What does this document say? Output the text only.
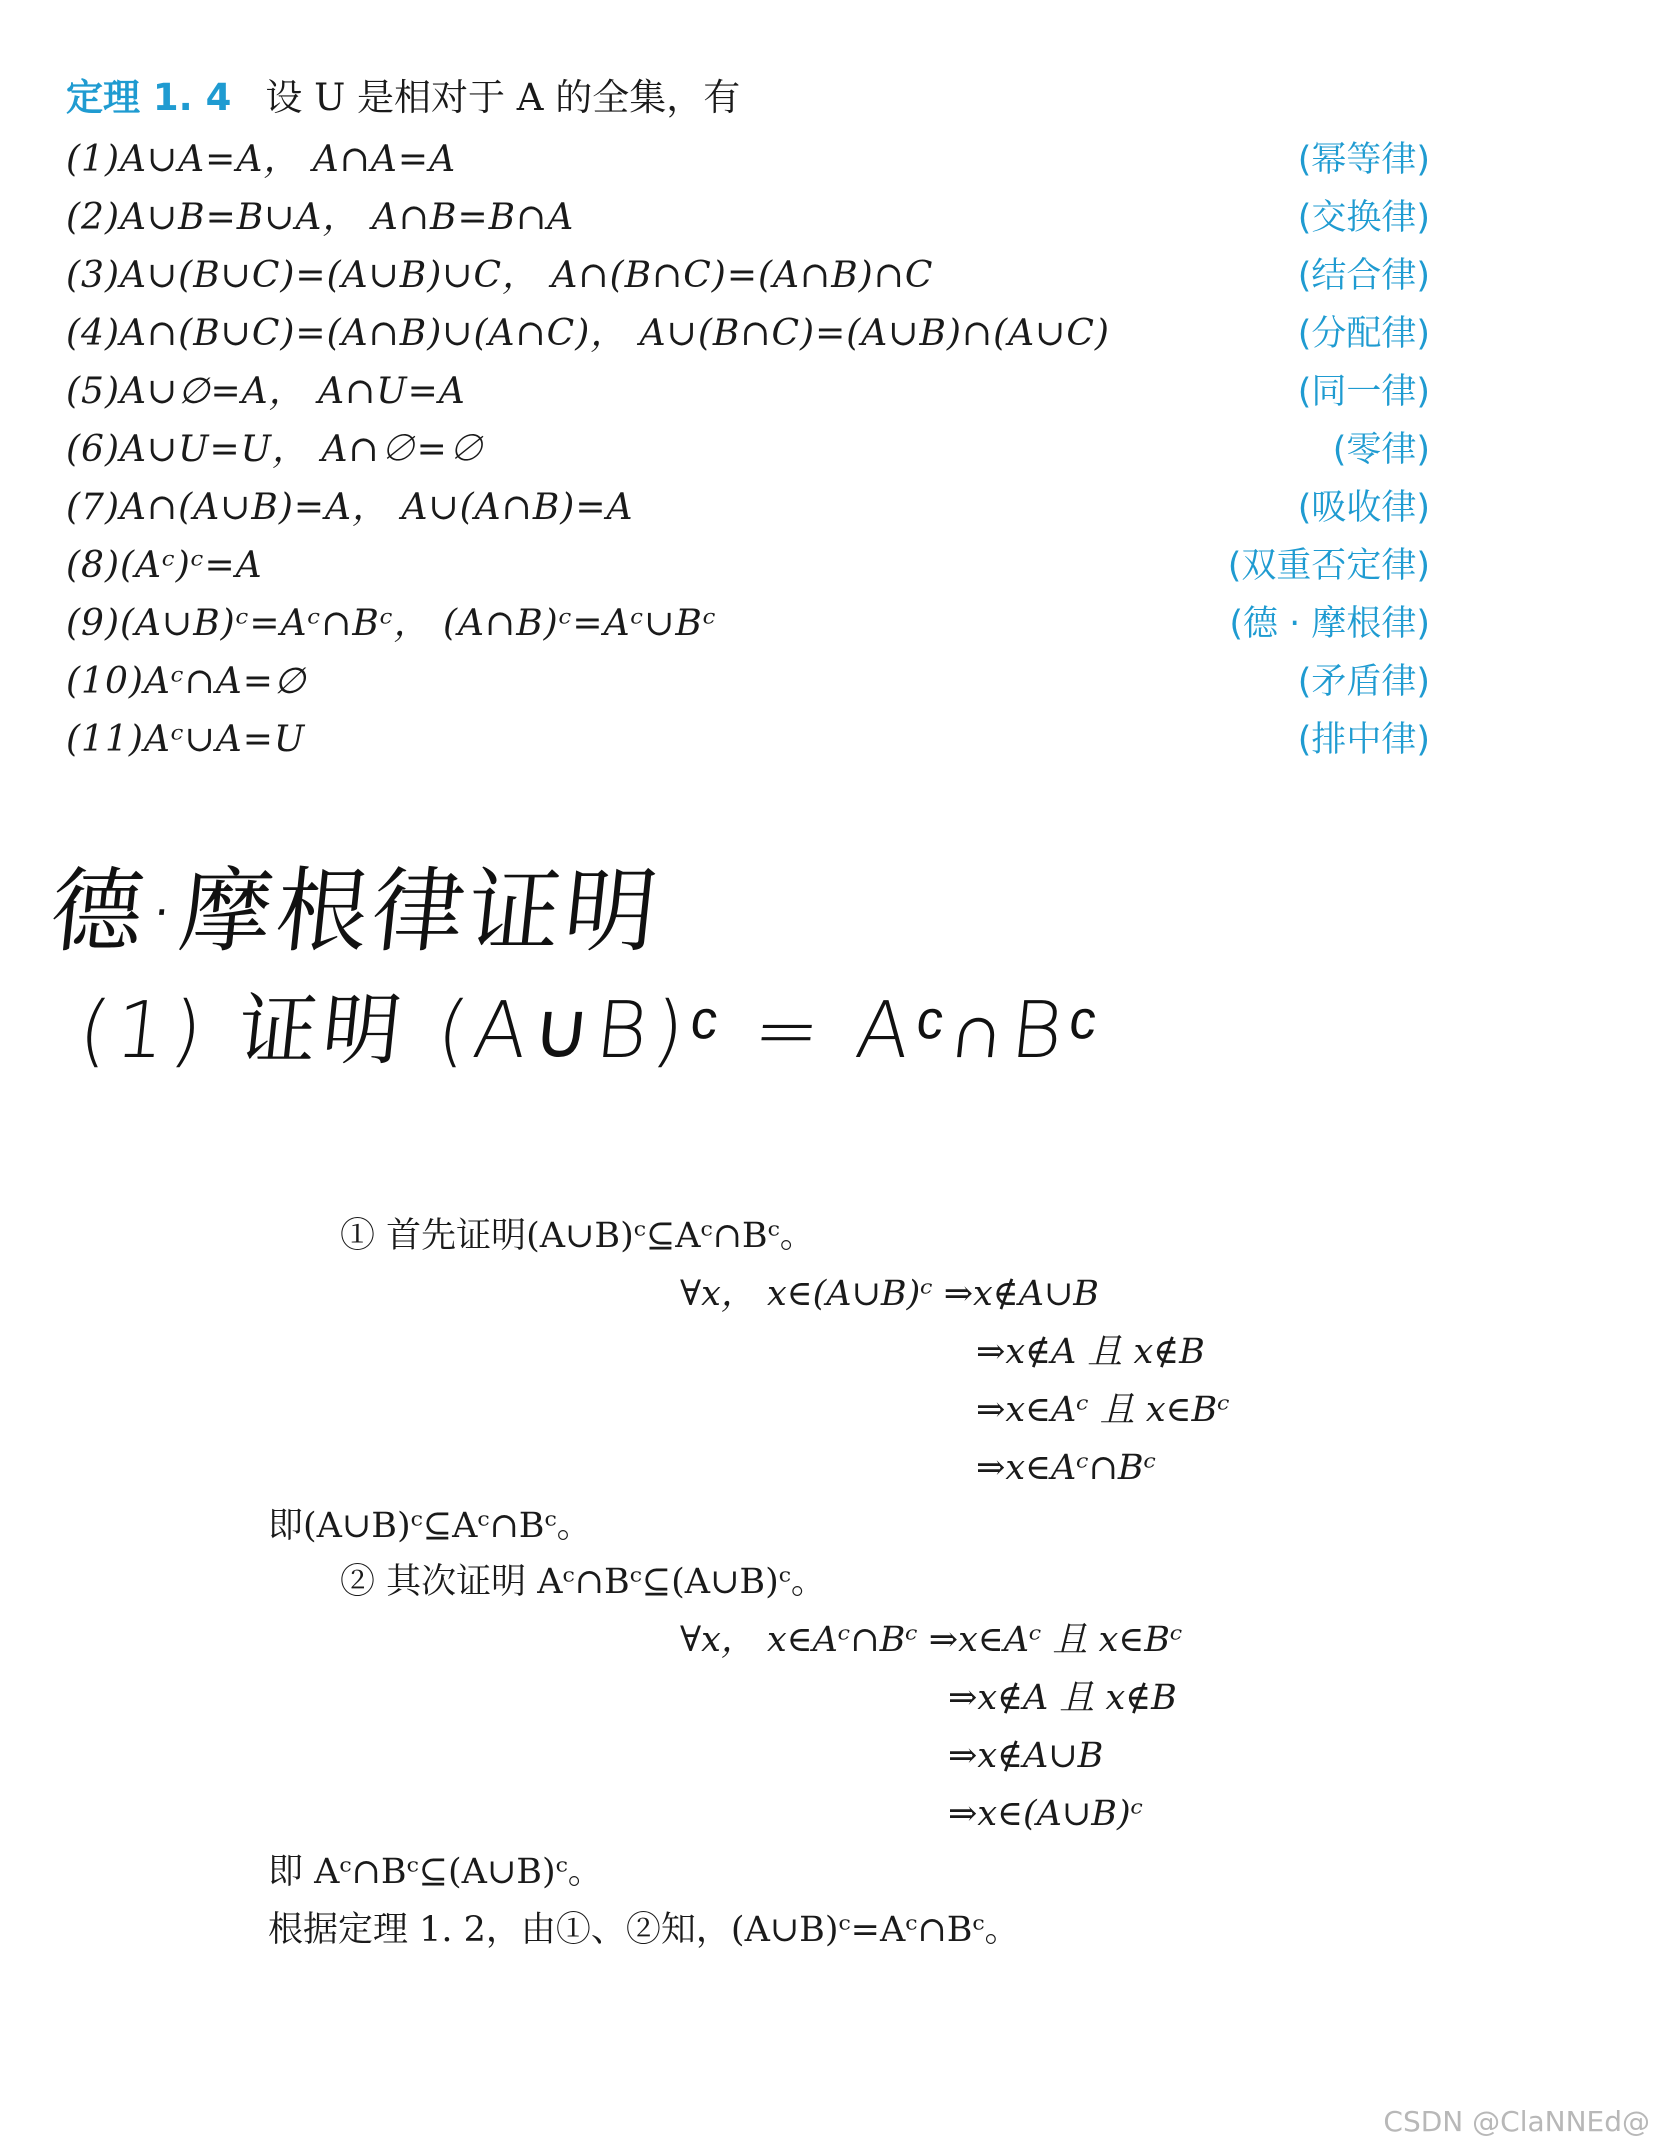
定理 1. 4 设 U 是相对于 A 的全集，有
(1)A∪A=A， A∩A=A	(幂等律)
(2)A∪B=B∪A， A∩B=B∩A	(交换律)
(3)A∪(B∪C)=(A∪B)∪C， A∩(B∩C)=(A∩B)∩C	(结合律)
(4)A∩(B∪C)=(A∩B)∪(A∩C)， A∪(B∩C)=(A∪B)∩(A∪C)	(分配律)
(5)A∪∅=A， A∩U=A	(同一律)
(6)A∪U=U， A∩∅=∅	(零律)
(7)A∩(A∪B)=A， A∪(A∩B)=A	(吸收律)
(8)(Aᶜ)ᶜ=A	(双重否定律)
(9)(A∪B)ᶜ=Aᶜ∩Bᶜ， (A∩B)ᶜ=Aᶜ∪Bᶜ	(德 · 摩根律)
(10)Aᶜ∩A=∅	(矛盾律)
(11)Aᶜ∪A=U	(排中律)
德·摩根律证明
(1) 证明 (A∪B)ᶜ = Aᶜ∩Bᶜ
① 首先证明(A∪B)ᶜ⊆Aᶜ∩Bᶜ。
∀x， x∈(A∪B)ᶜ ⇒x∉A∪B
⇒x∉A 且 x∉B
⇒x∈Aᶜ 且 x∈Bᶜ
⇒x∈Aᶜ∩Bᶜ
即(A∪B)ᶜ⊆Aᶜ∩Bᶜ。
② 其次证明 Aᶜ∩Bᶜ⊆(A∪B)ᶜ。
∀x， x∈Aᶜ∩Bᶜ ⇒x∈Aᶜ 且 x∈Bᶜ
⇒x∉A 且 x∉B
⇒x∉A∪B
⇒x∈(A∪B)ᶜ
即 Aᶜ∩Bᶜ⊆(A∪B)ᶜ。
根据定理 1. 2，由①、②知，(A∪B)ᶜ=Aᶜ∩Bᶜ。
CSDN @ClaNNEd@
